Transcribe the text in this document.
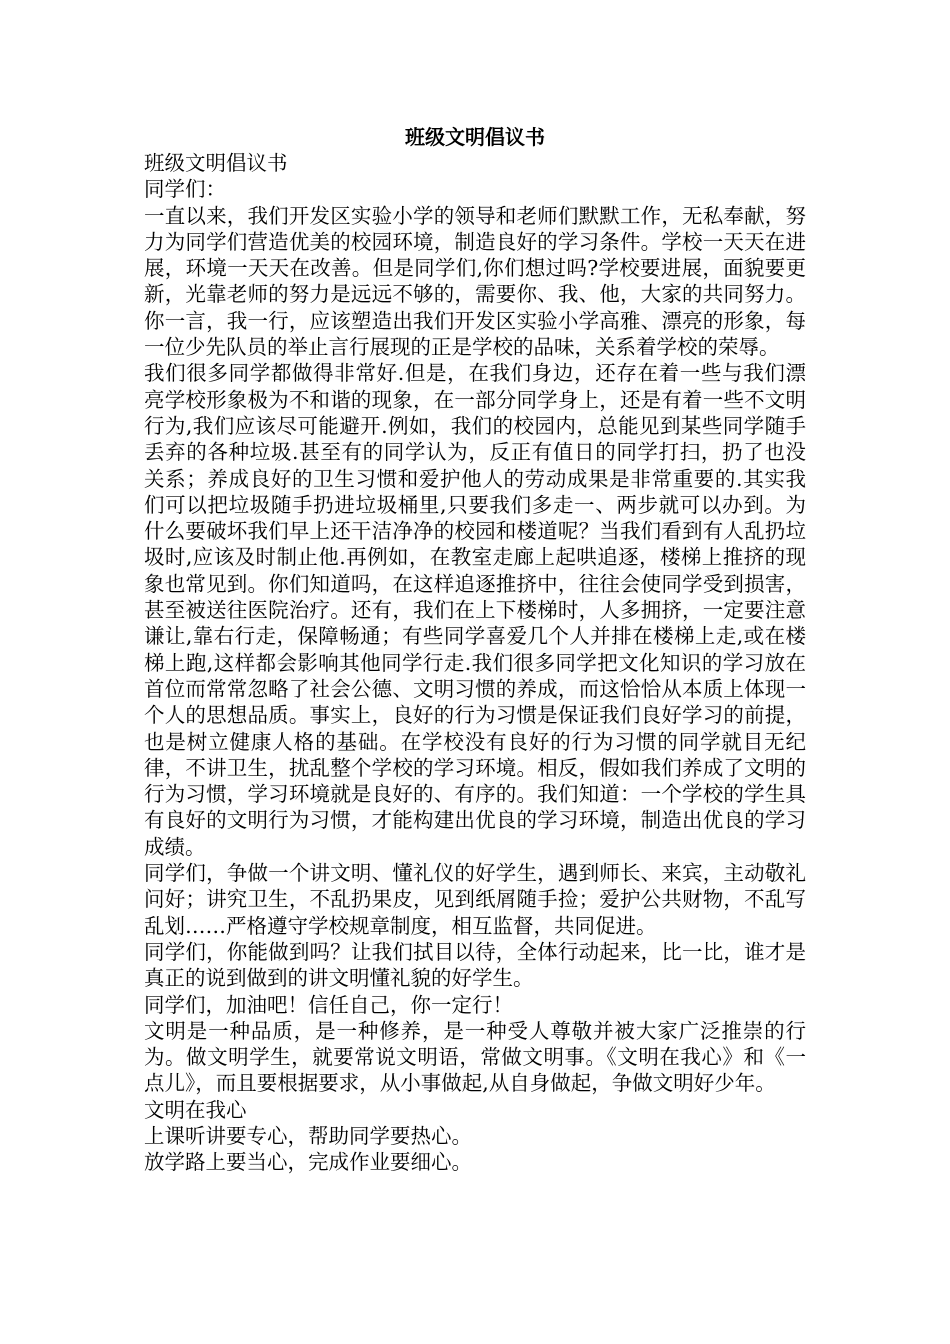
班级文明倡议书

班级文明倡议书

同学们：

一直以来，我们开发区实验小学的领导和老师们默默工作，无私奉献，努力为同学们营造优美的校园环境，制造良好的学习条件。学校一天天在进展，环境一天天在改善。但是同学们,你们想过吗?学校要进展，面貌要更新，光靠老师的努力是远远不够的，需要你、我、他，大家的共同努力。你一言，我一行，应该塑造出我们开发区实验小学高雅、漂亮的形象，每一位少先队员的举止言行展现的正是学校的品味，关系着学校的荣辱。

我们很多同学都做得非常好.但是，在我们身边，还存在着一些与我们漂亮学校形象极为不和谐的现象，在一部分同学身上，还是有着一些不文明行为,我们应该尽可能避开.例如，我们的校园内，总能见到某些同学随手丢弃的各种垃圾.甚至有的同学认为，反正有值日的同学打扫，扔了也没关系；养成良好的卫生习惯和爱护他人的劳动成果是非常重要的.其实我们可以把垃圾随手扔进垃圾桶里,只要我们多走一、两步就可以办到。为什么要破坏我们早上还干洁净净的校园和楼道呢？当我们看到有人乱扔垃圾时,应该及时制止他.再例如，在教室走廊上起哄追逐，楼梯上推挤的现象也常见到。你们知道吗，在这样追逐推挤中，往往会使同学受到损害，甚至被送往医院治疗。还有，我们在上下楼梯时，人多拥挤，一定要注意谦让,靠右行走，保障畅通；有些同学喜爱几个人并排在楼梯上走,或在楼梯上跑,这样都会影响其他同学行走.我们很多同学把文化知识的学习放在首位而常常忽略了社会公德、文明习惯的养成，而这恰恰从本质上体现一个人的思想品质。事实上，良好的行为习惯是保证我们良好学习的前提，也是树立健康人格的基础。在学校没有良好的行为习惯的同学就目无纪律，不讲卫生，扰乱整个学校的学习环境。相反，假如我们养成了文明的行为习惯，学习环境就是良好的、有序的。我们知道：一个学校的学生具有良好的文明行为习惯，才能构建出优良的学习环境，制造出优良的学习成绩。

同学们，争做一个讲文明、懂礼仪的好学生，遇到师长、来宾，主动敬礼问好；讲究卫生，不乱扔果皮，见到纸屑随手捡；爱护公共财物，不乱写乱划……严格遵守学校规章制度，相互监督，共同促进。

同学们，你能做到吗？让我们拭目以待，全体行动起来，比一比，谁才是真正的说到做到的讲文明懂礼貌的好学生。

同学们，加油吧！信任自己，你一定行！

文明是一种品质，是一种修养，是一种受人尊敬并被大家广泛推崇的行为。做文明学生，就要常说文明语，常做文明事。《文明在我心》和《一点儿》，而且要根据要求，从小事做起,从自身做起，争做文明好少年。

文明在我心

上课听讲要专心，帮助同学要热心。

放学路上要当心，完成作业要细心。
